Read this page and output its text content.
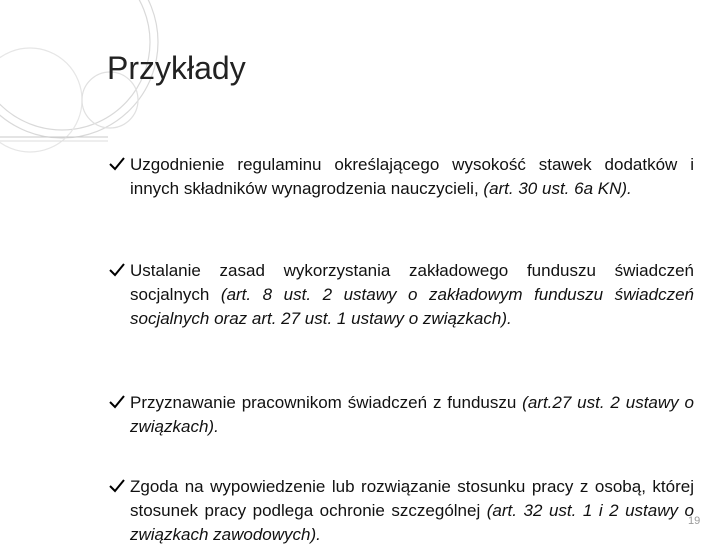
Przykłady
Uzgodnienie regulaminu określającego wysokość stawek dodatków i innych składników wynagrodzenia nauczycieli, (art. 30 ust. 6a KN).
Ustalanie zasad wykorzystania zakładowego funduszu świadczeń socjalnych (art. 8 ust. 2 ustawy o zakładowym funduszu świadczeń socjalnych oraz art. 27 ust. 1 ustawy o związkach).
Przyznawanie pracownikom świadczeń z funduszu (art.27 ust. 2 ustawy o związkach).
Zgoda na wypowiedzenie lub rozwiązanie stosunku pracy z osobą, której stosunek pracy podlega ochronie szczególnej (art. 32 ust. 1 i 2 ustawy o związkach zawodowych).
19
